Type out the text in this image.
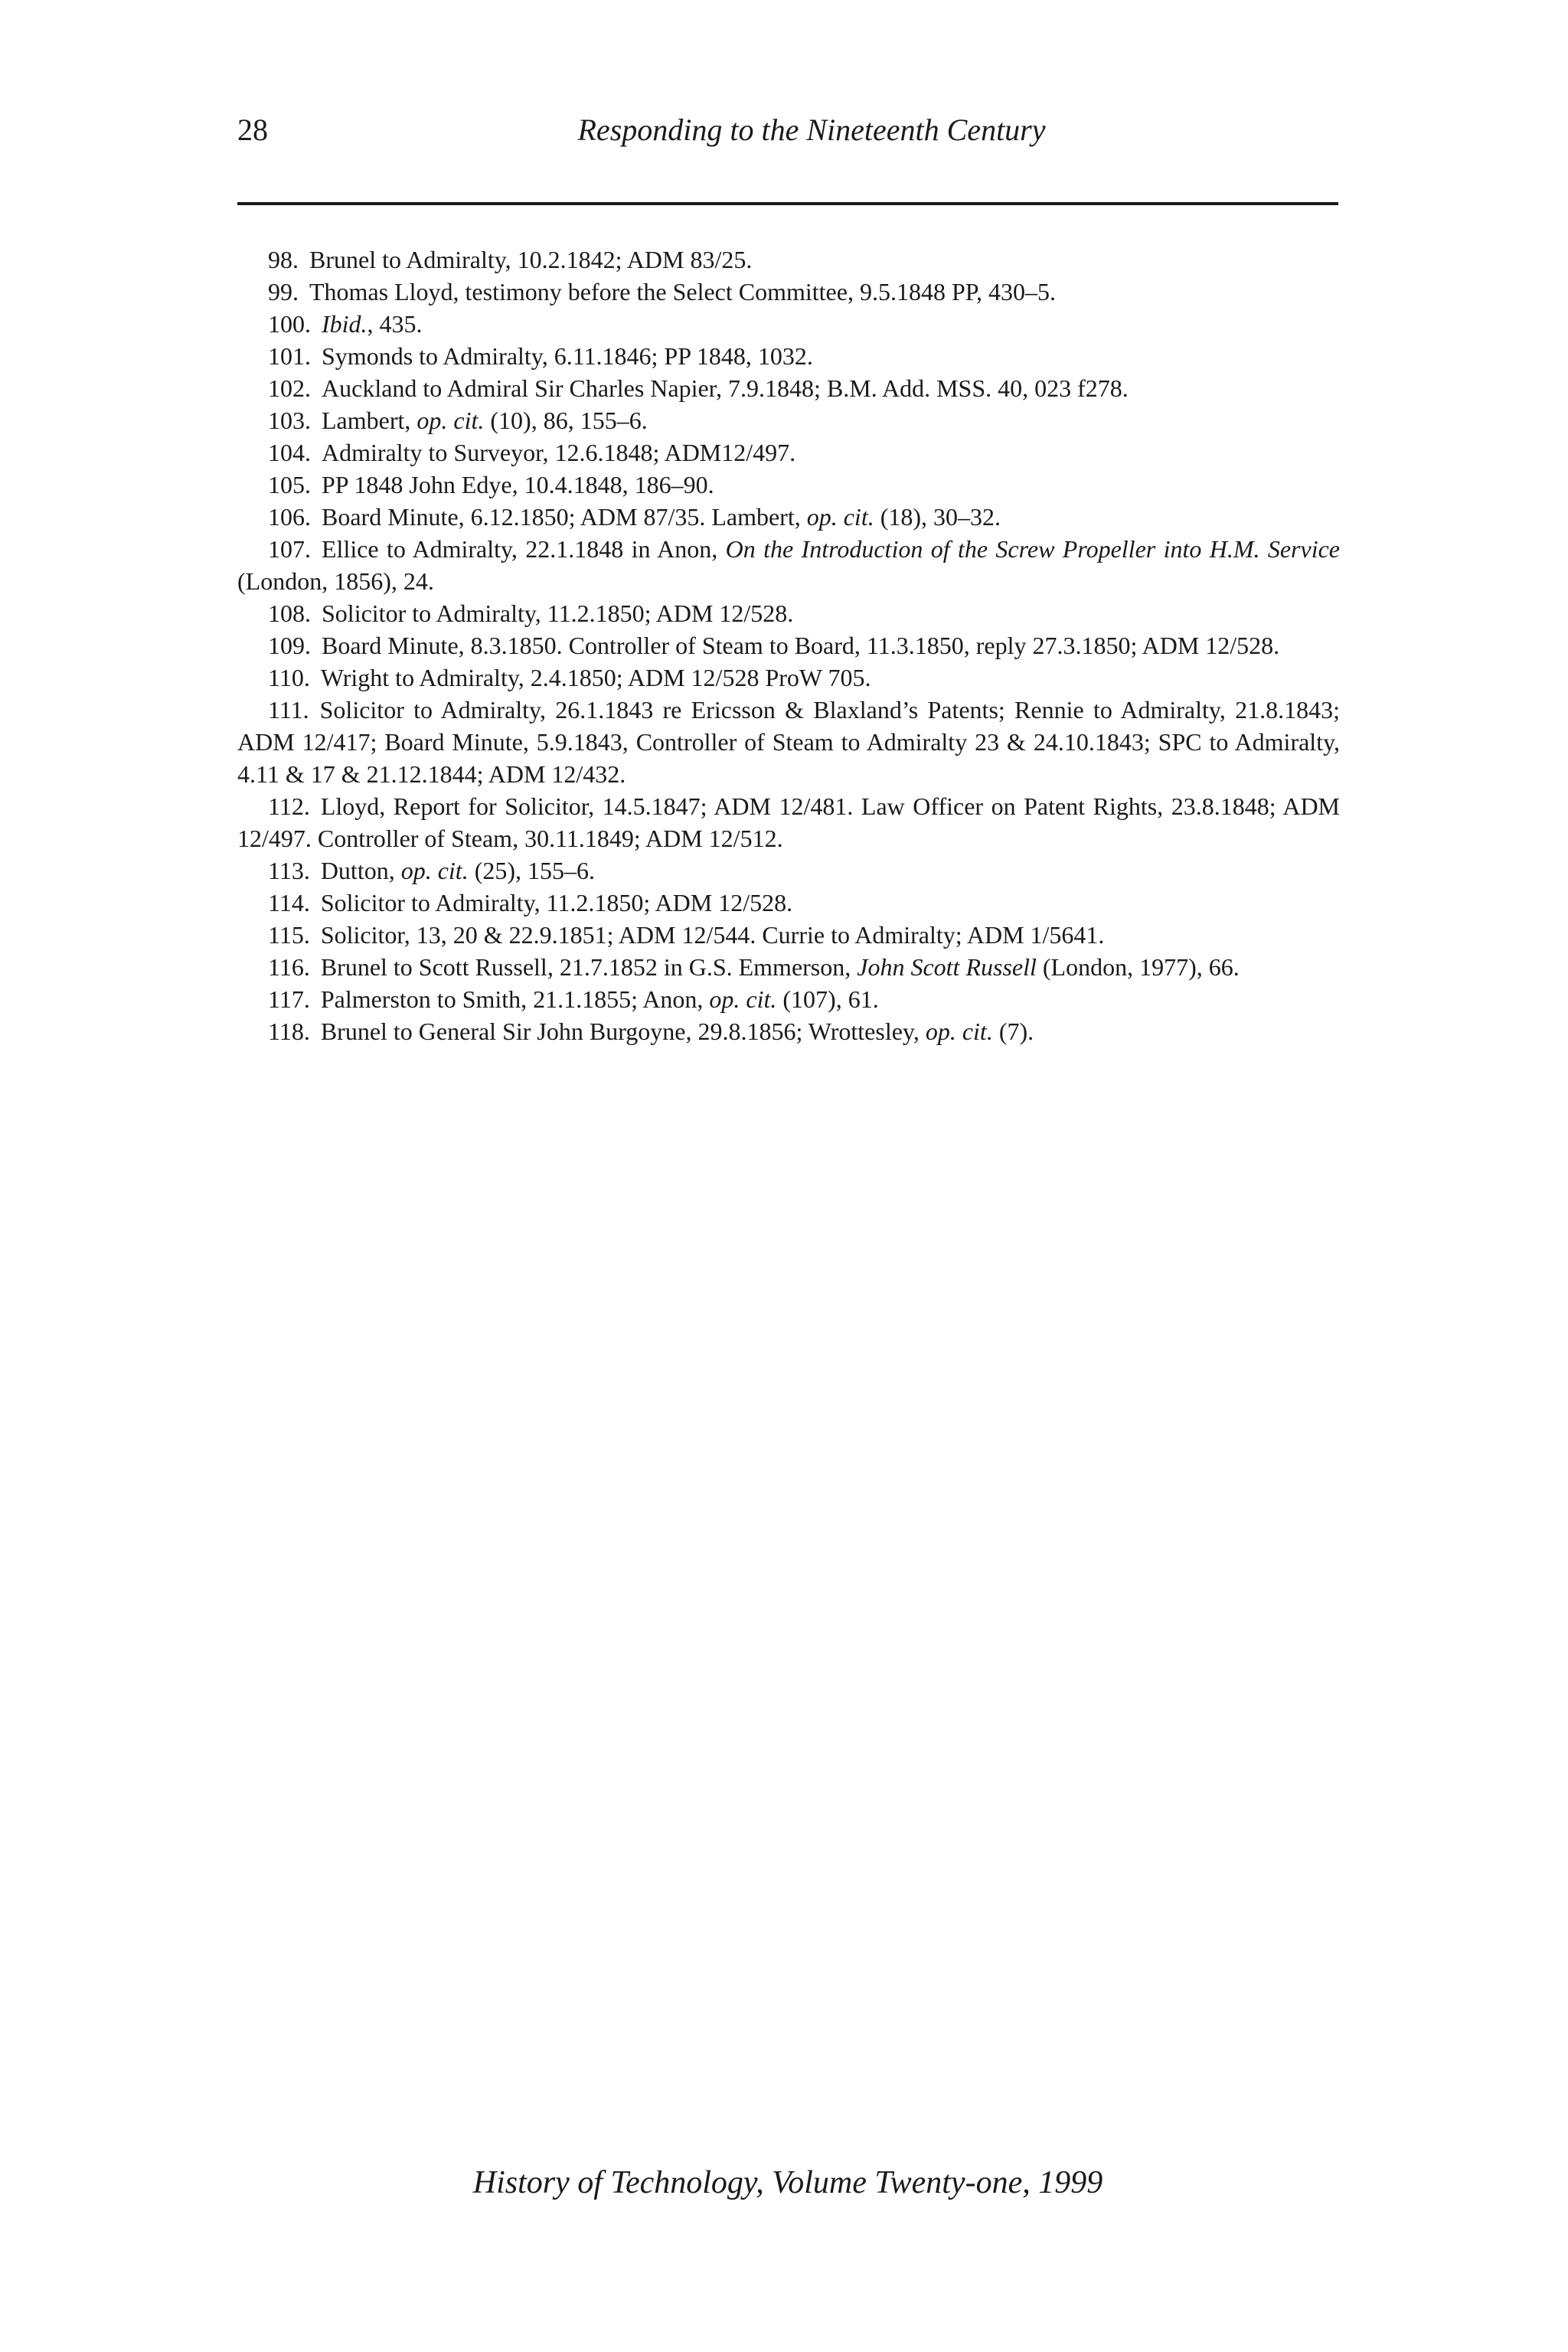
28	Responding to the Nineteenth Century
98. Brunel to Admiralty, 10.2.1842; ADM 83/25.
99. Thomas Lloyd, testimony before the Select Committee, 9.5.1848 PP, 430–5.
100. Ibid., 435.
101. Symonds to Admiralty, 6.11.1846; PP 1848, 1032.
102. Auckland to Admiral Sir Charles Napier, 7.9.1848; B.M. Add. MSS. 40, 023 f278.
103. Lambert, op. cit. (10), 86, 155–6.
104. Admiralty to Surveyor, 12.6.1848; ADM12/497.
105. PP 1848 John Edye, 10.4.1848, 186–90.
106. Board Minute, 6.12.1850; ADM 87/35. Lambert, op. cit. (18), 30–32.
107. Ellice to Admiralty, 22.1.1848 in Anon, On the Introduction of the Screw Propeller into H.M. Service (London, 1856), 24.
108. Solicitor to Admiralty, 11.2.1850; ADM 12/528.
109. Board Minute, 8.3.1850. Controller of Steam to Board, 11.3.1850, reply 27.3.1850; ADM 12/528.
110. Wright to Admiralty, 2.4.1850; ADM 12/528 ProW 705.
111. Solicitor to Admiralty, 26.1.1843 re Ericsson & Blaxland’s Patents; Rennie to Admiralty, 21.8.1843; ADM 12/417; Board Minute, 5.9.1843, Controller of Steam to Admiralty 23 & 24.10.1843; SPC to Admiralty, 4.11 & 17 & 21.12.1844; ADM 12/432.
112. Lloyd, Report for Solicitor, 14.5.1847; ADM 12/481. Law Officer on Patent Rights, 23.8.1848; ADM 12/497. Controller of Steam, 30.11.1849; ADM 12/512.
113. Dutton, op. cit. (25), 155–6.
114. Solicitor to Admiralty, 11.2.1850; ADM 12/528.
115. Solicitor, 13, 20 & 22.9.1851; ADM 12/544. Currie to Admiralty; ADM 1/5641.
116. Brunel to Scott Russell, 21.7.1852 in G.S. Emmerson, John Scott Russell (London, 1977), 66.
117. Palmerston to Smith, 21.1.1855; Anon, op. cit. (107), 61.
118. Brunel to General Sir John Burgoyne, 29.8.1856; Wrottesley, op. cit. (7).
History of Technology, Volume Twenty-one, 1999
